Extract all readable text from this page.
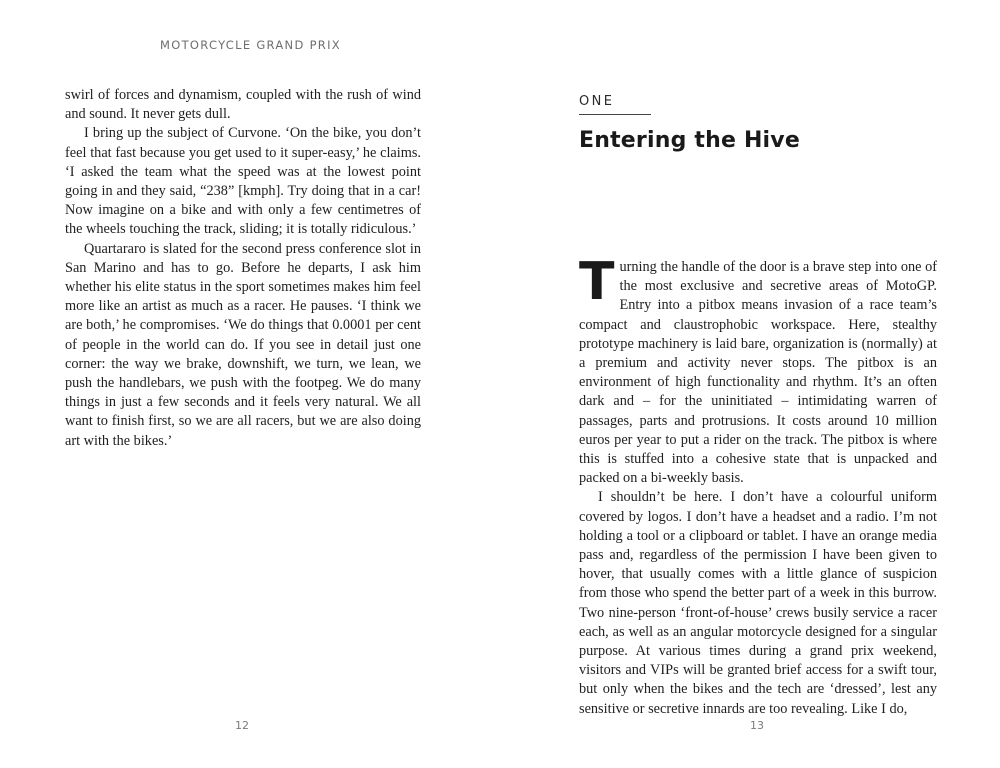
MOTORCYCLE GRAND PRIX

swirl of forces and dynamism, coupled with the rush of wind and sound. It never gets dull.

I bring up the subject of Curvone. ‘On the bike, you don’t feel that fast because you get used to it super-easy,’ he claims. ‘I asked the team what the speed was at the lowest point going in and they said, “238” [kmph]. Try doing that in a car! Now imagine on a bike and with only a few centimetres of the wheels touching the track, sliding; it is totally ridiculous.’

Quartararo is slated for the second press conference slot in San Marino and has to go. Before he departs, I ask him whether his elite status in the sport sometimes makes him feel more like an artist as much as a racer. He pauses. ‘I think we are both,’ he compromises. ‘We do things that 0.0001 per cent of people in the world can do. If you see in detail just one corner: the way we brake, downshift, we turn, we lean, we push the handlebars, we push with the footpeg. We do many things in just a few seconds and it feels very natural. We all want to finish first, so we are all racers, but we are also doing art with the bikes.’

12
ONE
Entering the Hive

Turning the handle of the door is a brave step into one of the most exclusive and secretive areas of MotoGP. Entry into a pitbox means invasion of a race team’s compact and claustrophobic workspace. Here, stealthy prototype machinery is laid bare, organization is (normally) at a premium and activity never stops. The pitbox is an environment of high functionality and rhythm. It’s an often dark and – for the uninitiated – intimidating warren of passages, parts and protrusions. It costs around 10 million euros per year to put a rider on the track. The pitbox is where this is stuffed into a cohesive state that is unpacked and packed on a bi-weekly basis.

I shouldn’t be here. I don’t have a colourful uniform covered by logos. I don’t have a headset and a radio. I’m not holding a tool or a clipboard or tablet. I have an orange media pass and, regardless of the permission I have been given to hover, that usually comes with a little glance of suspicion from those who spend the better part of a week in this burrow. Two nine-person ‘front-of-house’ crews busily service a racer each, as well as an angular motorcycle designed for a singular purpose. At various times during a grand prix weekend, visitors and VIPs will be granted brief access for a swift tour, but only when the bikes and the tech are ‘dressed’, lest any sensitive or secretive innards are too revealing. Like I do,

13
